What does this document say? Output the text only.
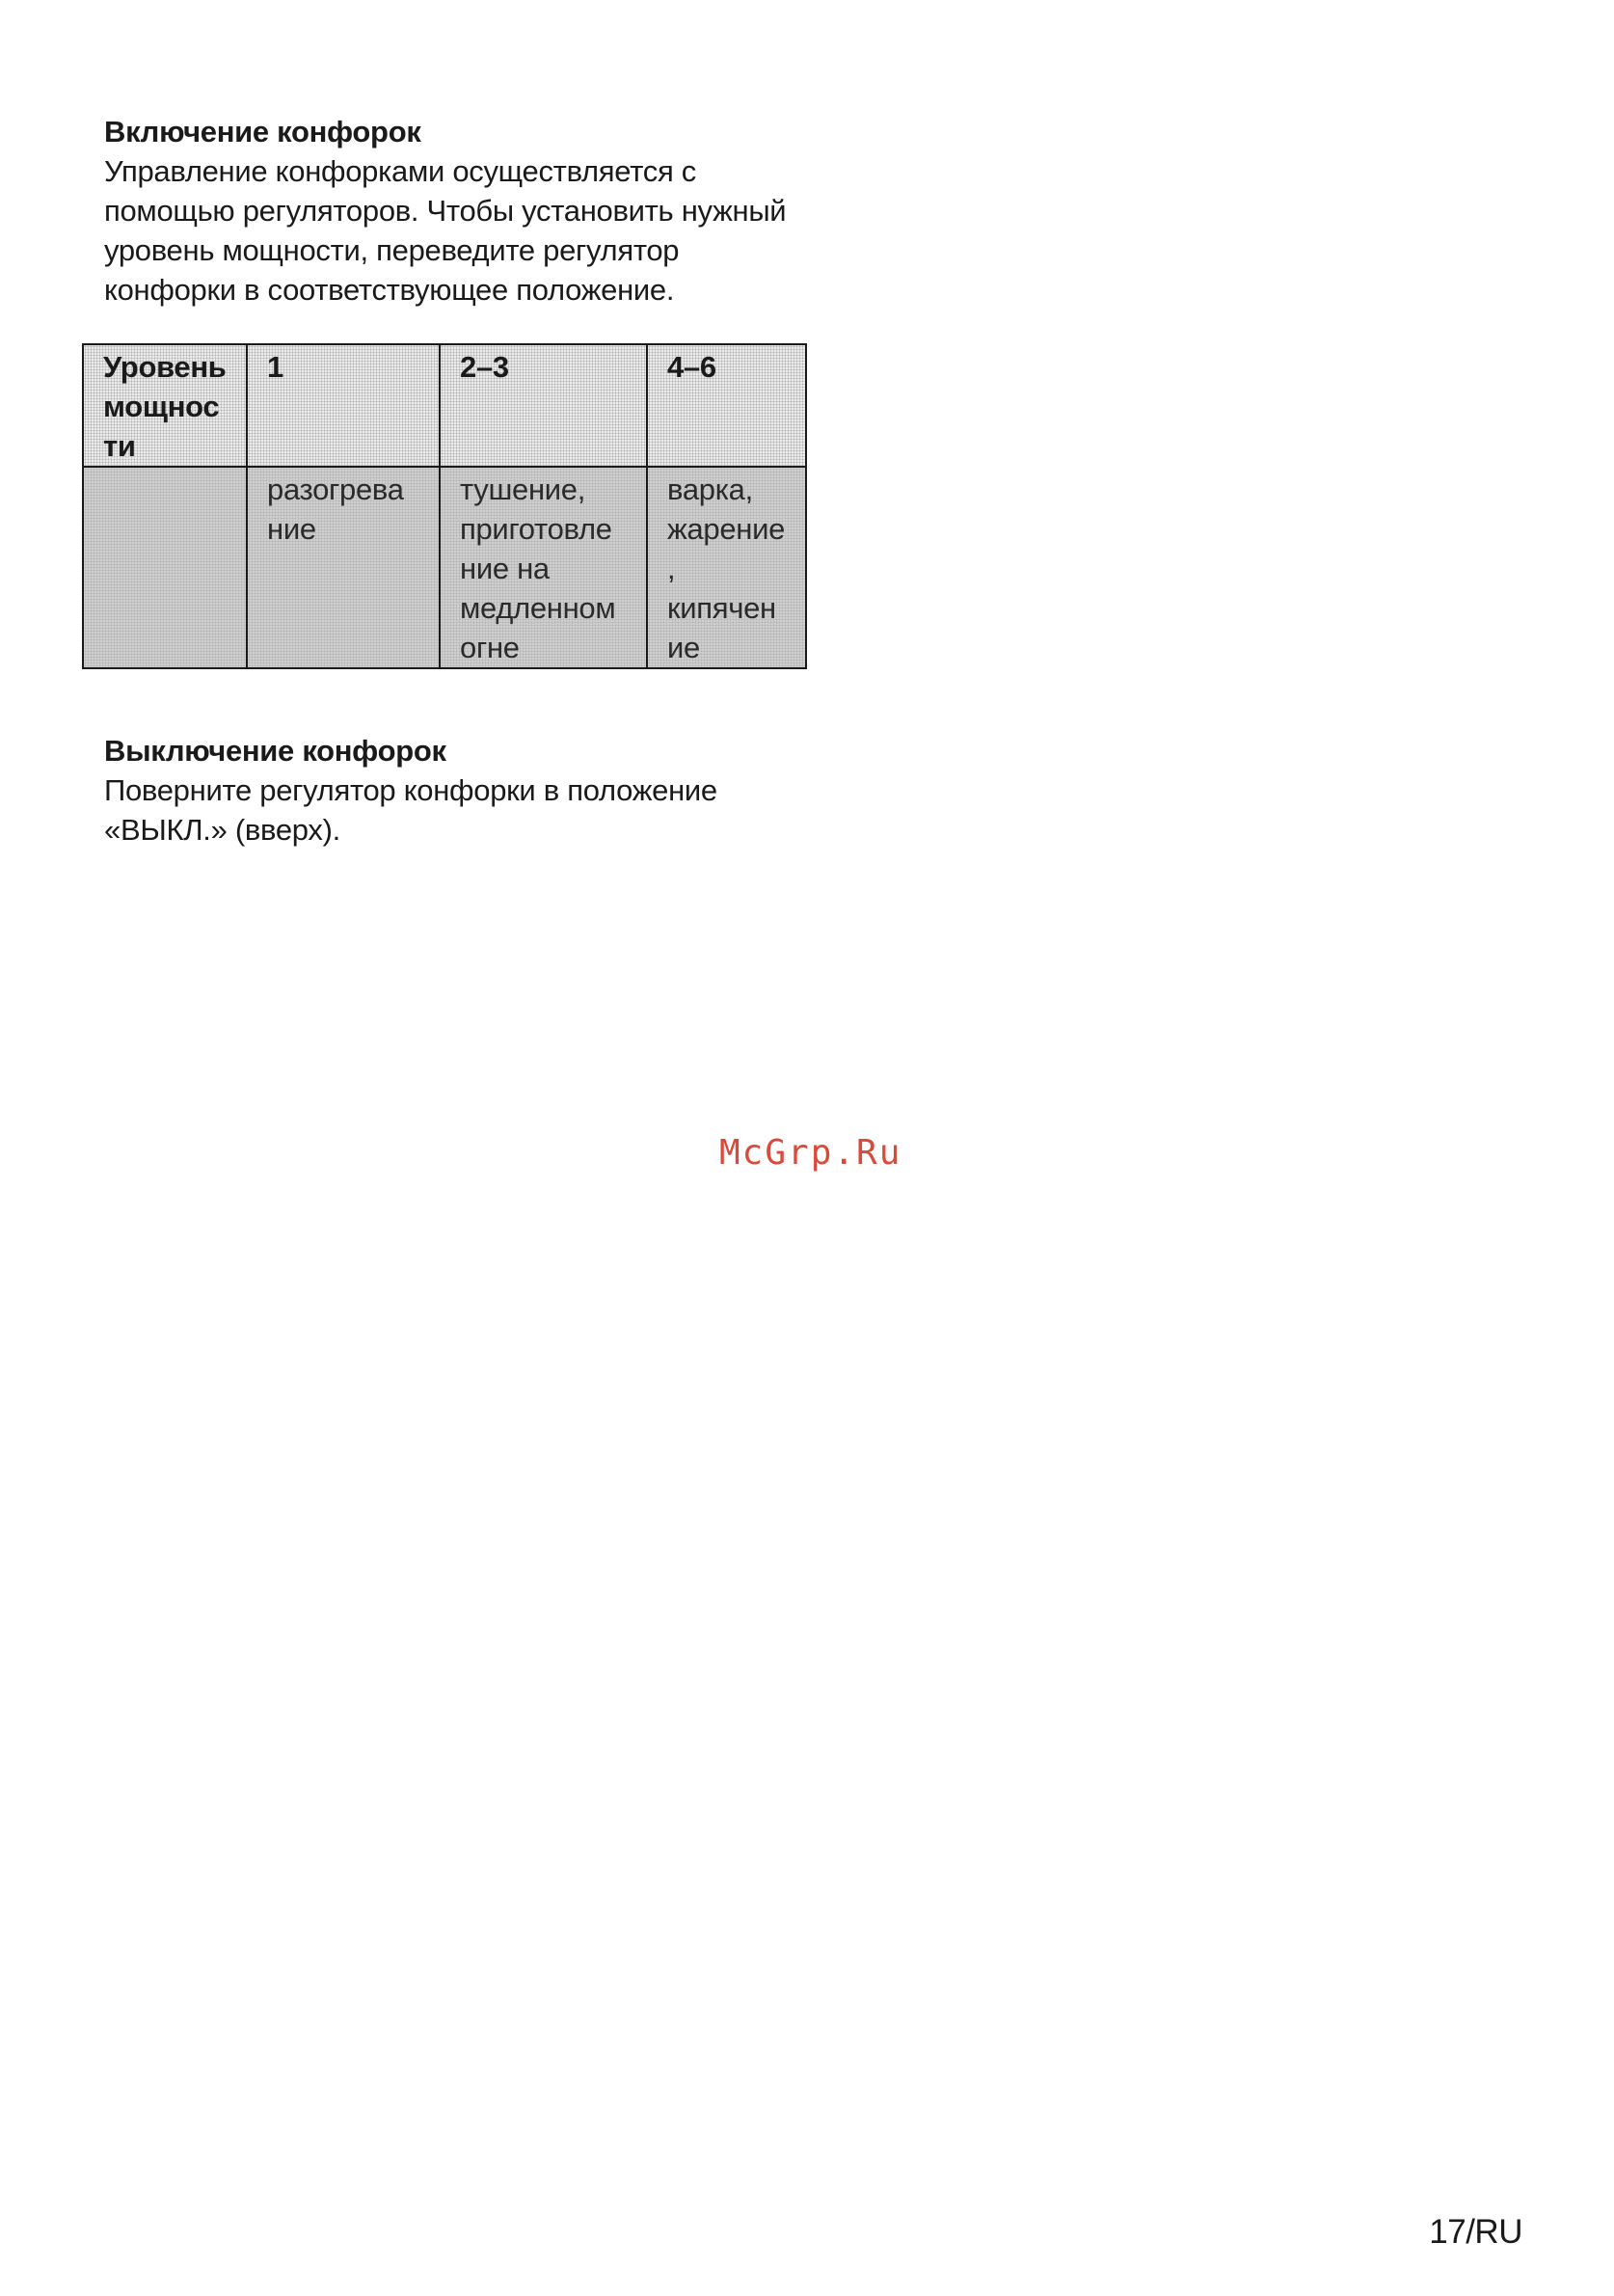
Включение конфорок

Управление конфорками осуществляется с

помощью регуляторов. Чтобы установить нужный

уровень мощности, переведите регулятор

конфорки в соответствующее положение.

Уровень мощности	1	2–3	4–6
	разогревание	тушение, приготовление на медленном огне	варка, жарение, кипячение
Выключение конфорок

Поверните регулятор конфорки в положение

«ВЫКЛ.» (вверх).

McGrp.Ru
17/RU
